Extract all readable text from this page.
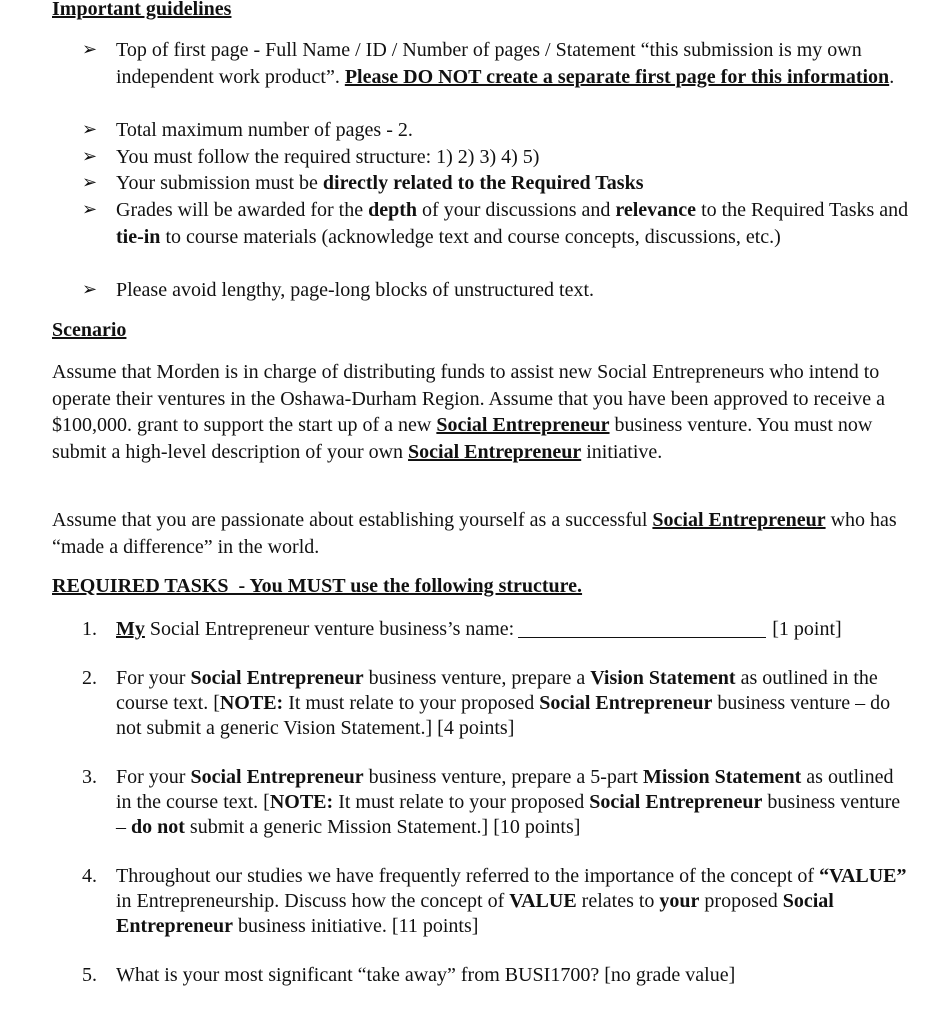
Important guidelines
➢ Top of first page - Full Name / ID / Number of pages / Statement “this submission is my own independent work product”. Please DO NOT create a separate first page for this information.
➢ Total maximum number of pages - 2.
➢ You must follow the required structure: 1) 2) 3) 4) 5)
➢ Your submission must be directly related to the Required Tasks
➢ Grades will be awarded for the depth of your discussions and relevance to the Required Tasks and tie-in to course materials (acknowledge text and course concepts, discussions, etc.)
➢ Please avoid lengthy, page-long blocks of unstructured text.
Scenario
Assume that Morden is in charge of distributing funds to assist new Social Entrepreneurs who intend to operate their ventures in the Oshawa-Durham Region. Assume that you have been approved to receive a $100,000. grant to support the start up of a new Social Entrepreneur business venture. You must now submit a high-level description of your own Social Entrepreneur initiative.
Assume that you are passionate about establishing yourself as a successful Social Entrepreneur who has “made a difference” in the world.
REQUIRED TASKS  - You MUST use the following structure.
1. My Social Entrepreneur venture business’s name:	[1 point]
2. For your Social Entrepreneur business venture, prepare a Vision Statement as outlined in the course text. [NOTE: It must relate to your proposed Social Entrepreneur business venture – do not submit a generic Vision Statement.] [4 points]
3. For your Social Entrepreneur business venture, prepare a 5-part Mission Statement as outlined in the course text. [NOTE: It must relate to your proposed Social Entrepreneur business venture – do not submit a generic Mission Statement.] [10 points]
4. Throughout our studies we have frequently referred to the importance of the concept of “VALUE” in Entrepreneurship. Discuss how the concept of VALUE relates to your proposed Social Entrepreneur business initiative. [11 points]
5. What is your most significant “take away” from BUSI1700? [no grade value]
